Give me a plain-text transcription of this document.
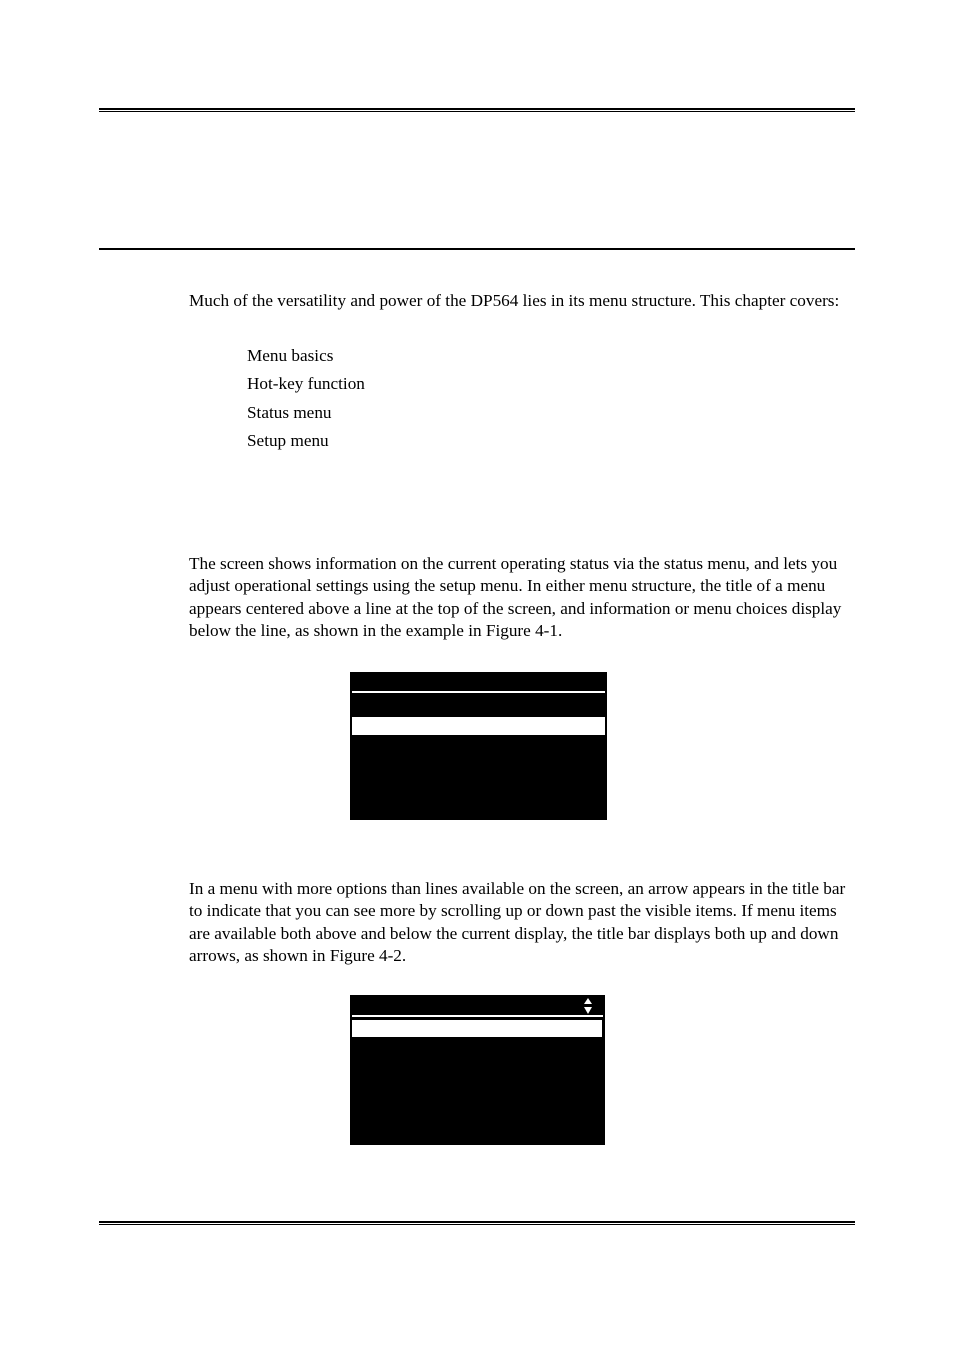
Much of the versatility and power of the DP564 lies in its menu structure. This chapter covers:

Menu basics
Hot-key function
Status menu
Setup menu

The screen shows information on the current operating status via the status menu, and lets you adjust operational settings using the setup menu. In either menu structure, the title of a menu appears centered above a line at the top of the screen, and information or menu choices display below the line, as shown in the example in Figure 4-1.

In a menu with more options than lines available on the screen, an arrow appears in the title bar to indicate that you can see more by scrolling up or down past the visible items. If menu items are available both above and below the current display, the title bar displays both up and down arrows, as shown in Figure 4-2.
